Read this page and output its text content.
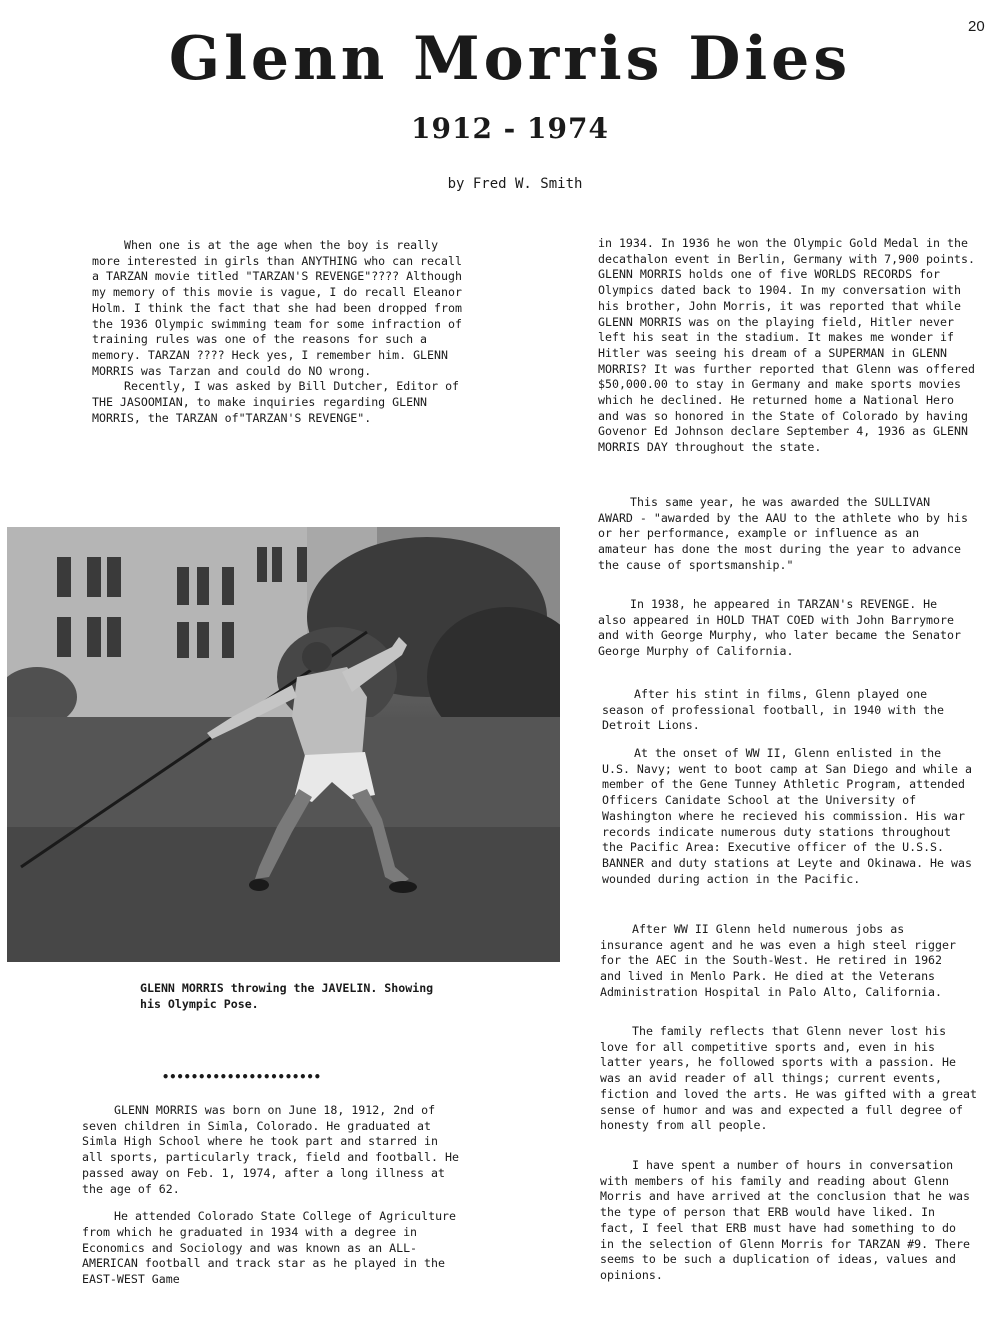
20
Glenn Morris Dies
1912 - 1974
by Fred W. Smith

When one is at the age when the boy is really more interested in girls than ANYTHING who can recall a TARZAN movie titled "TARZAN'S REVENGE"???? Although my memory of this movie is vague, I do recall Eleanor Holm. I think the fact that she had been dropped from the 1936 Olympic swimming team for some infraction of training rules was one of the reasons for such a memory. TARZAN ???? Heck yes, I remember him. GLENN MORRIS was Tarzan and could do NO wrong.

Recently, I was asked by Bill Dutcher, Editor of THE JASOOMIAN, to make inquiries regarding GLENN MORRIS, the TARZAN of"TARZAN'S REVENGE".

GLENN MORRIS throwing the JAVELIN. Showing his Olympic Pose.
••••••••••••••••••••••

GLENN MORRIS was born on June 18, 1912, 2nd of seven children in Simla, Colorado. He graduated at Simla High School where he took part and starred in all sports, particularly track, field and football. He passed away on Feb. 1, 1974, after a long illness at the age of 62.

He attended Colorado State College of Agriculture from which he graduated in 1934 with a degree in Economics and Sociology and was known as an ALL-AMERICAN football and track star as he played in the EAST-WEST Game

in 1934. In 1936 he won the Olympic Gold Medal in the decathalon event in Berlin, Germany with 7,900 points. GLENN MORRIS holds one of five WORLDS RECORDS for Olympics dated back to 1904. In my conversation with his brother, John Morris, it was reported that while GLENN MORRIS was on the playing field, Hitler never left his seat in the stadium. It makes me wonder if Hitler was seeing his dream of a SUPERMAN in GLENN MORRIS? It was further reported that Glenn was offered $50,000.00 to stay in Germany and make sports movies which he declined. He returned home a National Hero and was so honored in the State of Colorado by having Govenor Ed Johnson declare September 4, 1936 as GLENN MORRIS DAY throughout the state.

This same year, he was awarded the SULLIVAN AWARD - "awarded by the AAU to the athlete who by his or her performance, example or influence as an amateur has done the most during the year to advance the cause of sportsmanship."

In 1938, he appeared in TARZAN's REVENGE. He also appeared in HOLD THAT COED with John Barrymore and with George Murphy, who later became the Senator George Murphy of California.

After his stint in films, Glenn played one season of professional football, in 1940 with the Detroit Lions.

At the onset of WW II, Glenn enlisted in the U.S. Navy; went to boot camp at San Diego and while a member of the Gene Tunney Athletic Program, attended Officers Canidate School at the University of Washington where he recieved his commission. His war records indicate numerous duty stations throughout the Pacific Area: Executive officer of the U.S.S. BANNER and duty stations at Leyte and Okinawa. He was wounded during action in the Pacific.

After WW II Glenn held numerous jobs as insurance agent and he was even a high steel rigger for the AEC in the South-West. He retired in 1962 and lived in Menlo Park. He died at the Veterans Administration Hospital in Palo Alto, California.

The family reflects that Glenn never lost his love for all competitive sports and, even in his latter years, he followed sports with a passion. He was an avid reader of all things; current events, fiction and loved the arts. He was gifted with a great sense of humor and was and expected a full degree of honesty from all people.

I have spent a number of hours in conversation with members of his family and reading about Glenn Morris and have arrived at the conclusion that he was the type of person that ERB would have liked. In fact, I feel that ERB must have had something to do in the selection of Glenn Morris for TARZAN #9. There seems to be such a duplication of ideas, values and opinions.
